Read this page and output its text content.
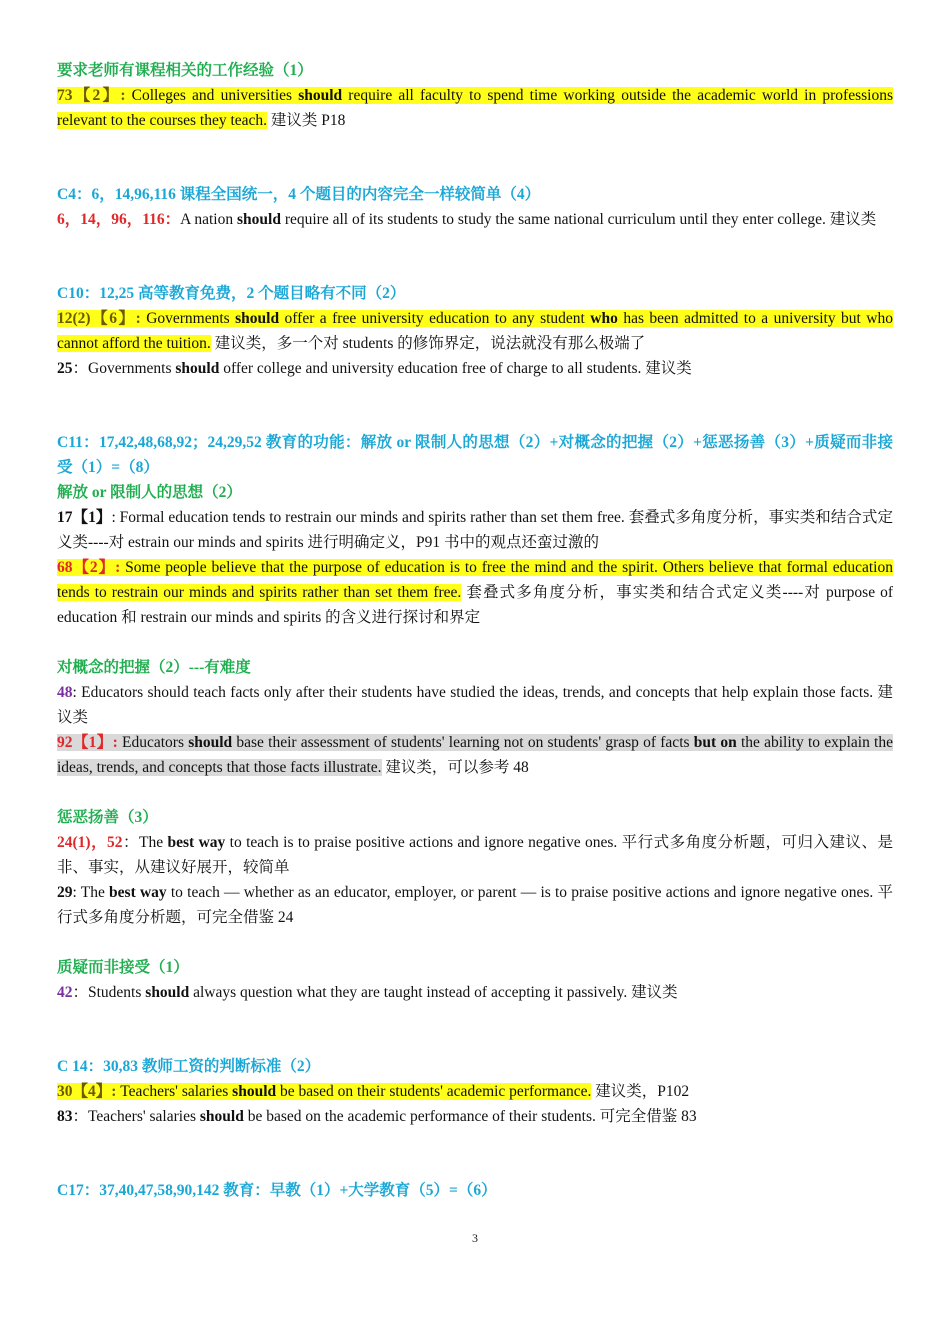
要求老师有课程相关的工作经验（1）

73【2】: Colleges and universities should require all faculty to spend time working outside the academic world in professions relevant to the courses they teach. 建议类 P18

C4：6，14,96,116 课程全国统一，4 个题目的内容完全一样较简单（4）

6，14，96，116：A nation should require all of its students to study the same national curriculum until they enter college. 建议类

C10：12,25 高等教育免费，2 个题目略有不同（2）

12(2)【6】: Governments should offer a free university education to any student who has been admitted to a university but who cannot afford the tuition. 建议类，多一个对 students 的修饰界定，说法就没有那么极端了

25：Governments should offer college and university education free of charge to all students. 建议类

C11：17,42,48,68,92；24,29,52 教育的功能：解放 or 限制人的思想（2）+对概念的把握（2）+惩恶扬善（3）+质疑而非接受（1）=（8）

解放 or 限制人的思想（2）

17【1】: Formal education tends to restrain our minds and spirits rather than set them free. 套叠式多角度分析，事实类和结合式定义类----对 estrain our minds and spirits 进行明确定义，P91 书中的观点还蛮过激的

68【2】: Some people believe that the purpose of education is to free the mind and the spirit. Others believe that formal education tends to restrain our minds and spirits rather than set them free. 套叠式多角度分析，事实类和结合式定义类----对 purpose of education 和 restrain our minds and spirits 的含义进行探讨和界定

对概念的把握（2）---有难度

48: Educators should teach facts only after their students have studied the ideas, trends, and concepts that help explain those facts. 建议类

92【1】: Educators should base their assessment of students' learning not on students' grasp of facts but on the ability to explain the ideas, trends, and concepts that those facts illustrate. 建议类，可以参考 48

惩恶扬善（3）

24(1)，52：The best way to teach is to praise positive actions and ignore negative ones. 平行式多角度分析题，可归入建议、是非、事实，从建议好展开，较简单

29: The best way to teach — whether as an educator, employer, or parent — is to praise positive actions and ignore negative ones. 平行式多角度分析题，可完全借鉴 24

质疑而非接受（1）

42：Students should always question what they are taught instead of accepting it passively. 建议类

C 14：30,83 教师工资的判断标准（2）

30【4】: Teachers' salaries should be based on their students' academic performance. 建议类，P102

83：Teachers' salaries should be based on the academic performance of their students. 可完全借鉴 83

C17：37,40,47,58,90,142 教育：早教（1）+大学教育（5）=（6）

3
